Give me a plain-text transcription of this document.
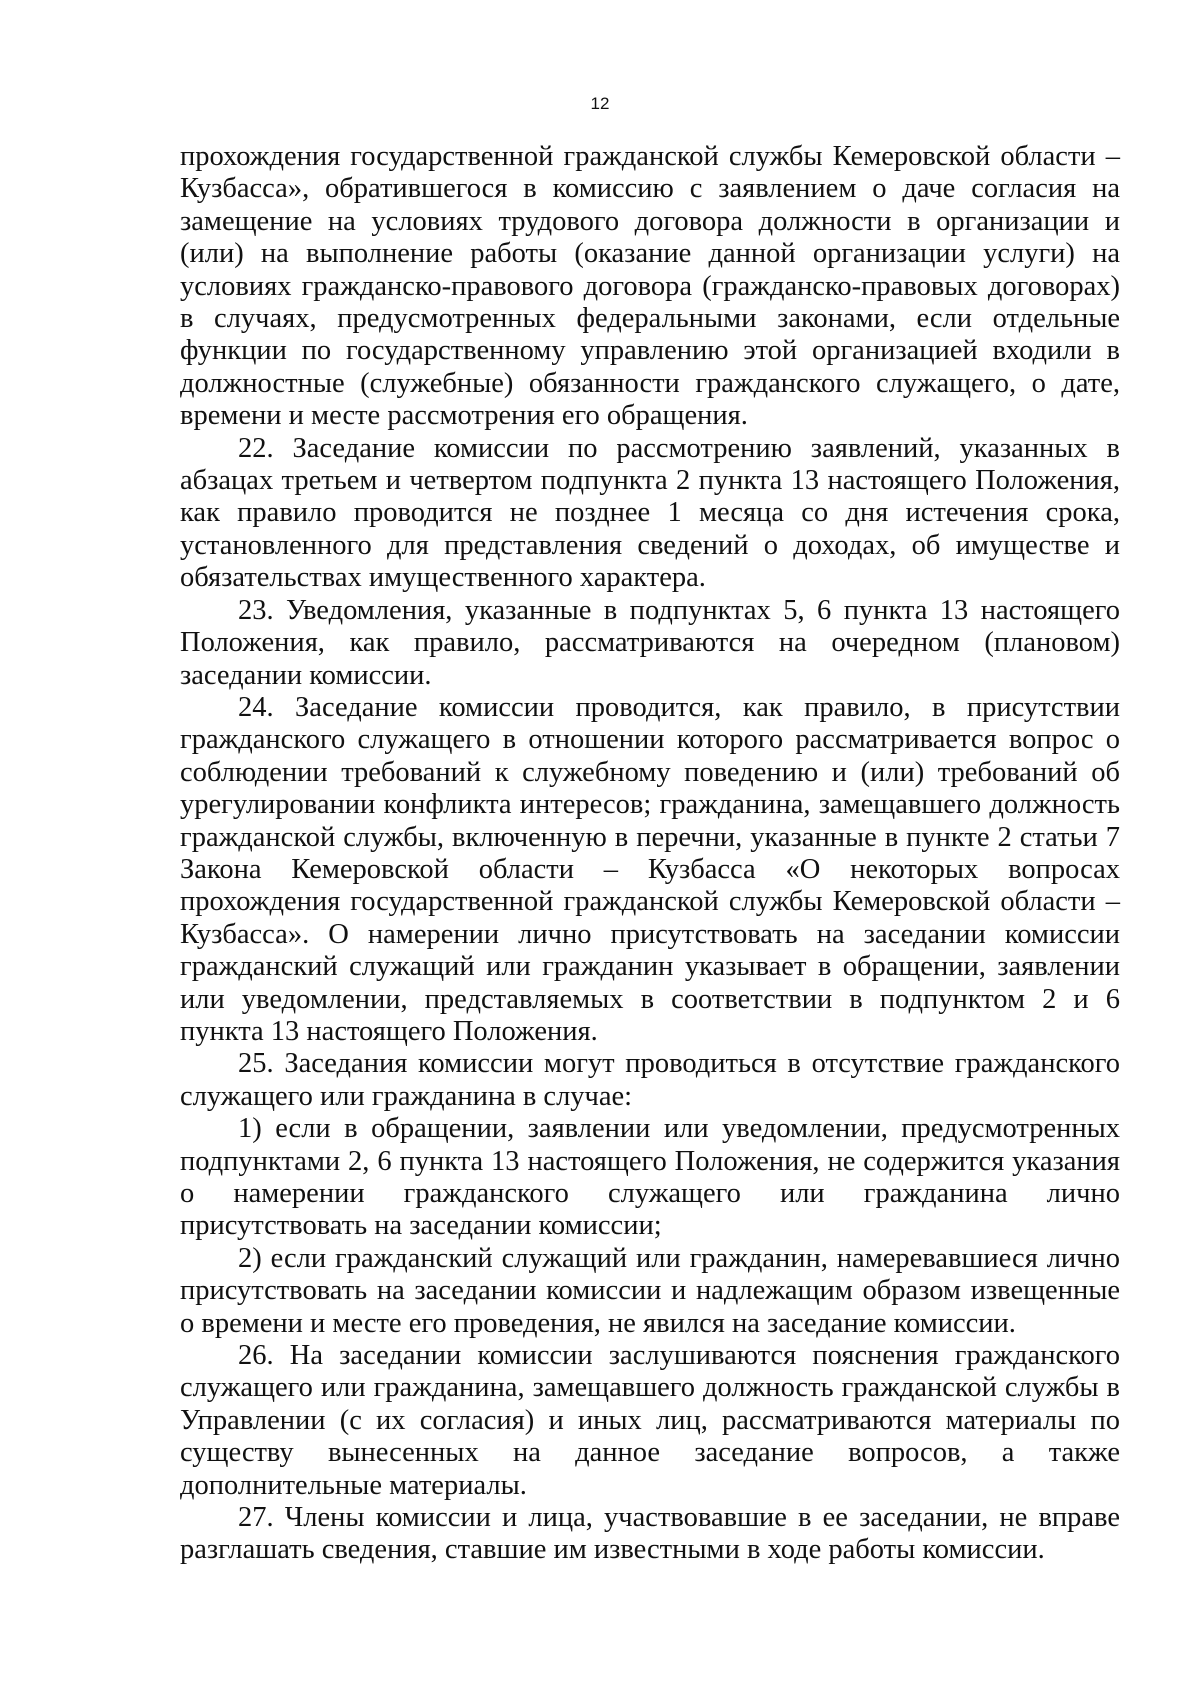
12

прохождения государственной гражданской службы Кемеровской области – Кузбасса», обратившегося в комиссию с заявлением о даче согласия на замещение на условиях трудового договора должности в организации и (или) на выполнение работы (оказание данной организации услуги) на условиях гражданско-правового договора (гражданско-правовых договорах) в случаях, предусмотренных федеральными законами, если отдельные функции по государственному управлению этой организацией входили в должностные (служебные) обязанности гражданского служащего, о дате, времени и месте рассмотрения его обращения.

22. Заседание комиссии по рассмотрению заявлений, указанных в абзацах третьем и четвертом подпункта 2 пункта 13 настоящего Положения, как правило проводится не позднее 1 месяца со дня истечения срока, установленного для представления сведений о доходах, об имуществе и обязательствах имущественного характера.

23. Уведомления, указанные в подпунктах 5, 6 пункта 13 настоящего Положения, как правило, рассматриваются на очередном (плановом) заседании комиссии.

24. Заседание комиссии проводится, как правило, в присутствии гражданского служащего в отношении которого рассматривается вопрос о соблюдении требований к служебному поведению и (или) требований об урегулировании конфликта интересов; гражданина, замещавшего должность гражданской службы, включенную в перечни, указанные в пункте 2 статьи 7 Закона Кемеровской области – Кузбасса «О некоторых вопросах прохождения государственной гражданской службы Кемеровской области – Кузбасса». О намерении лично присутствовать на заседании комиссии гражданский служащий или гражданин указывает в обращении, заявлении или уведомлении, представляемых в соответствии в подпунктом 2 и 6 пункта 13 настоящего Положения.

25. Заседания комиссии могут проводиться в отсутствие гражданского служащего или гражданина в случае:

1) если в обращении, заявлении или уведомлении, предусмотренных подпунктами 2, 6 пункта 13 настоящего Положения, не содержится указания о намерении гражданского служащего или гражданина лично присутствовать на заседании комиссии;

2) если гражданский служащий или гражданин, намеревавшиеся лично присутствовать на заседании комиссии и надлежащим образом извещенные о времени и месте его проведения, не явился на заседание комиссии.

26. На заседании комиссии заслушиваются пояснения гражданского служащего или гражданина, замещавшего должность гражданской службы в Управлении (с их согласия) и иных лиц, рассматриваются материалы по существу вынесенных на данное заседание вопросов, а также дополнительные материалы.

27. Члены комиссии и лица, участвовавшие в ее заседании, не вправе разглашать сведения, ставшие им известными в ходе работы комиссии.
